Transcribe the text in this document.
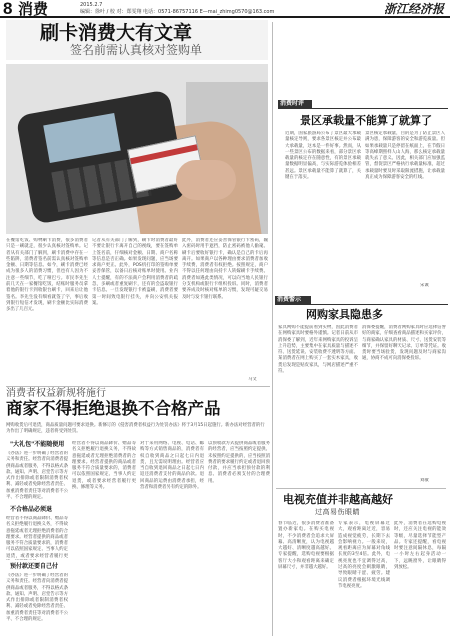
8 消费	2015.2.7
编辑：徐叶 / 校 对：郑雯翔 电话：0571-86757116 E—mai_zhimg0570@163.com	浙江经济报
刷卡消费大有文章
签名前需认真核对签购单
在餐馆吃饭、购物刷卡消费，很多消费者只是一刷就走，很少认真核对签购单。记者从有关部门了解到，刷卡消费中存在一些陷阱，消费者签名前需认真核对签购单金额、日期等信息。如今，刷卡消费已经成为很多人的消费习惯，但也有人因为不注意一些细节，吃了哑巴亏。市民李先生前几天在一家餐馆吃饭，结账时服务员拿着他的银行卡到收银台刷卡，回来后让他签名。李先生没有细看就签了字，事后收到银行短信才发现，刷卡金额比实际消费多出了几百元。
记者从有关部门了解到，刷卡时消费者最好不要让银行卡离开自己的视线，要在签购单上签名前，仔细核对金额、日期、商户名称等信息是否正确。如果发现问题，应当场要求商户更正。此外，POS机打印的签购单要妥善保管，以备日后核对账单时使用。业内人士提醒，有的不法商户会利用消费者的疏忽，多刷或者重复刷卡，还有的会盗取银行卡信息。一旦发现银行卡被盗刷，消费者要第一时间致电银行挂失，并向公安机关报案。
此外，消费者还应妥善保管银行卡密码，输入密码时用手遮挡，防止密码被他人偷窥。刷卡后要收好银行卡，确认是自己的卡后再离开。如果商户以各种理由要求消费者加收手续费，消费者有权拒绝。按照规定，商户不得以任何理由向持卡人转嫁刷卡手续费。消费者如遇此类情况，可以向当地人民银行分支机构或银行卡组织投诉。同时，消费者要养成及时核对账单的习惯，发现可疑交易及时与发卡银行联系。
马文
消费时评
景区承载量不能算了就算了
近期，国家旅游局公布了景区最大承载量核定导则，要求各景区核定并公布最大承载量，这本是一件好事。然而，从一些景区公布的数据来看，部分景区承载量的核定存在随意性，有的景区承载量数据明显偏高，与实际游览体验相差甚远。景区承载量不能算了就算了，关键在于落实。
景区核定承载量，目的是为了防止景区人满为患，保障游客的安全和游览质量。但如果承载量只是停留在纸面上，在节假日等高峰期照样人山人海，那么核定承载量就失去了意义。因此，相关部门应加强监管，督促景区严格执行承载量标准，超过承载量时要及时采取限流措施，让承载量真正成为保障游客安全的红线。
宋诚
消费警示
网购家具隐患多
家具网购不能提前看到实物，因此消费者在网购家具时要格外谨慎。记者日前从市消保委了解到，近年来网购家具的投诉呈上升趋势，主要集中在家具质量与描述不符、送货延误、安装收费不透明等方面。某消费者在网上购买了一套实木家具，收货后发现是贴皮家具，与网店描述严重不符。
消保委提醒，消费者网购家具时应选择信誉好的商家，仔细查看商品描述和买家评价，与商家确认家具的材质、尺寸、送货安装等细节，并保留好聊天记录、订单等凭证。收货时要当场验货，发现问题及时与商家沟通，协商不成可向消保委投诉。
刘敏
电视充值并非越高越好
过高易伤眼睛
春节临近，很多消费者准备置办新家电。在购买电视时，不少消费者会追求大屏幕、高清晰度，认为电视越大越好、清晰度越高越好。专家提醒，选购电视要根据客厅大小和观看距离来确定屏幕尺寸，并非越大越好。
专家表示，电视屏幕过大，观看距离过近，容易造成视觉疲劳，长期下去会影响视力。一般来说，观看距离应为屏幕对角线长度的3至4倍。此外，电视亮度也不宜调得过高，过高的亮度会刺激眼睛，导致眼睛干涩、疲劳。建议消费者根据环境光线调节电视亮度。
此外，消费者在选购电视时，还应关注电视的能效等级，尽量选择节能型产品。专家还提醒，看电视时要注意间隔休息，每隔一小时左右起身活动一下，远眺窗外，让眼睛得到放松。
消费者权益新规将施行
商家不得拒绝退换不合格产品
网购收货后可退货，商品质量问题可要求退换。新修订的《侵害消费者权益行为处罚办法》将于3月15日起施行。新办法对经营者的行为作出了明确规定，违者将受到处罚。
"大礼包"不能随便用
《办法》进一步明确了经营者的义务和责任。经营者向消费者提供商品或者服务，不得以格式条款、通知、声明、店堂告示等方式作出排除或者限制消费者权利、减轻或者免除经营者责任、加重消费者责任等对消费者不公平、不合理的规定。
不合格品必须退
经营者不得以商品降价、赠品等名义拒绝履行退换义务，不得故意拖延或者无理拒绝消费者的合理要求。经营者提供的商品或者服务不符合质量要求的，消费者可以依照国家规定、当事人约定退货，或者要求经营者履行更
预付款还要自己付
《办法》进一步明确了经营者的义务和责任。经营者向消费者提供商品或者服务，不得以格式条款、通知、声明、店堂告示等方式作出排除或者限制消费者权利、减轻或者免除经营者责任、加重消费者责任等对消费者不公平、不合理的规定。
经营者不得以商品降价、赠品等名义拒绝履行退换义务，不得故意拖延或者无理拒绝消费者的合理要求。经营者提供的商品或者服务不符合质量要求的，消费者可以依照国家规定、当事人约定退货，或者要求经营者履行更换、修理等义务。
对于采用网络、电视、电话、邮购等方式销售商品的，消费者有权自收到商品之日起七日内退货，且无需说明理由。经营者应当自收到退回商品之日起七日内返还消费者支付的商品价款。退回商品的运费由消费者承担，经营者和消费者另有约定的除外。
以预收款方式提供商品或者服务的经营者，应当按照约定提供。未按照约定提供的，应当按照消费者的要求履行约定或者退回预付款，并应当承担预付款的利息、消费者必须支付的合理费用。
